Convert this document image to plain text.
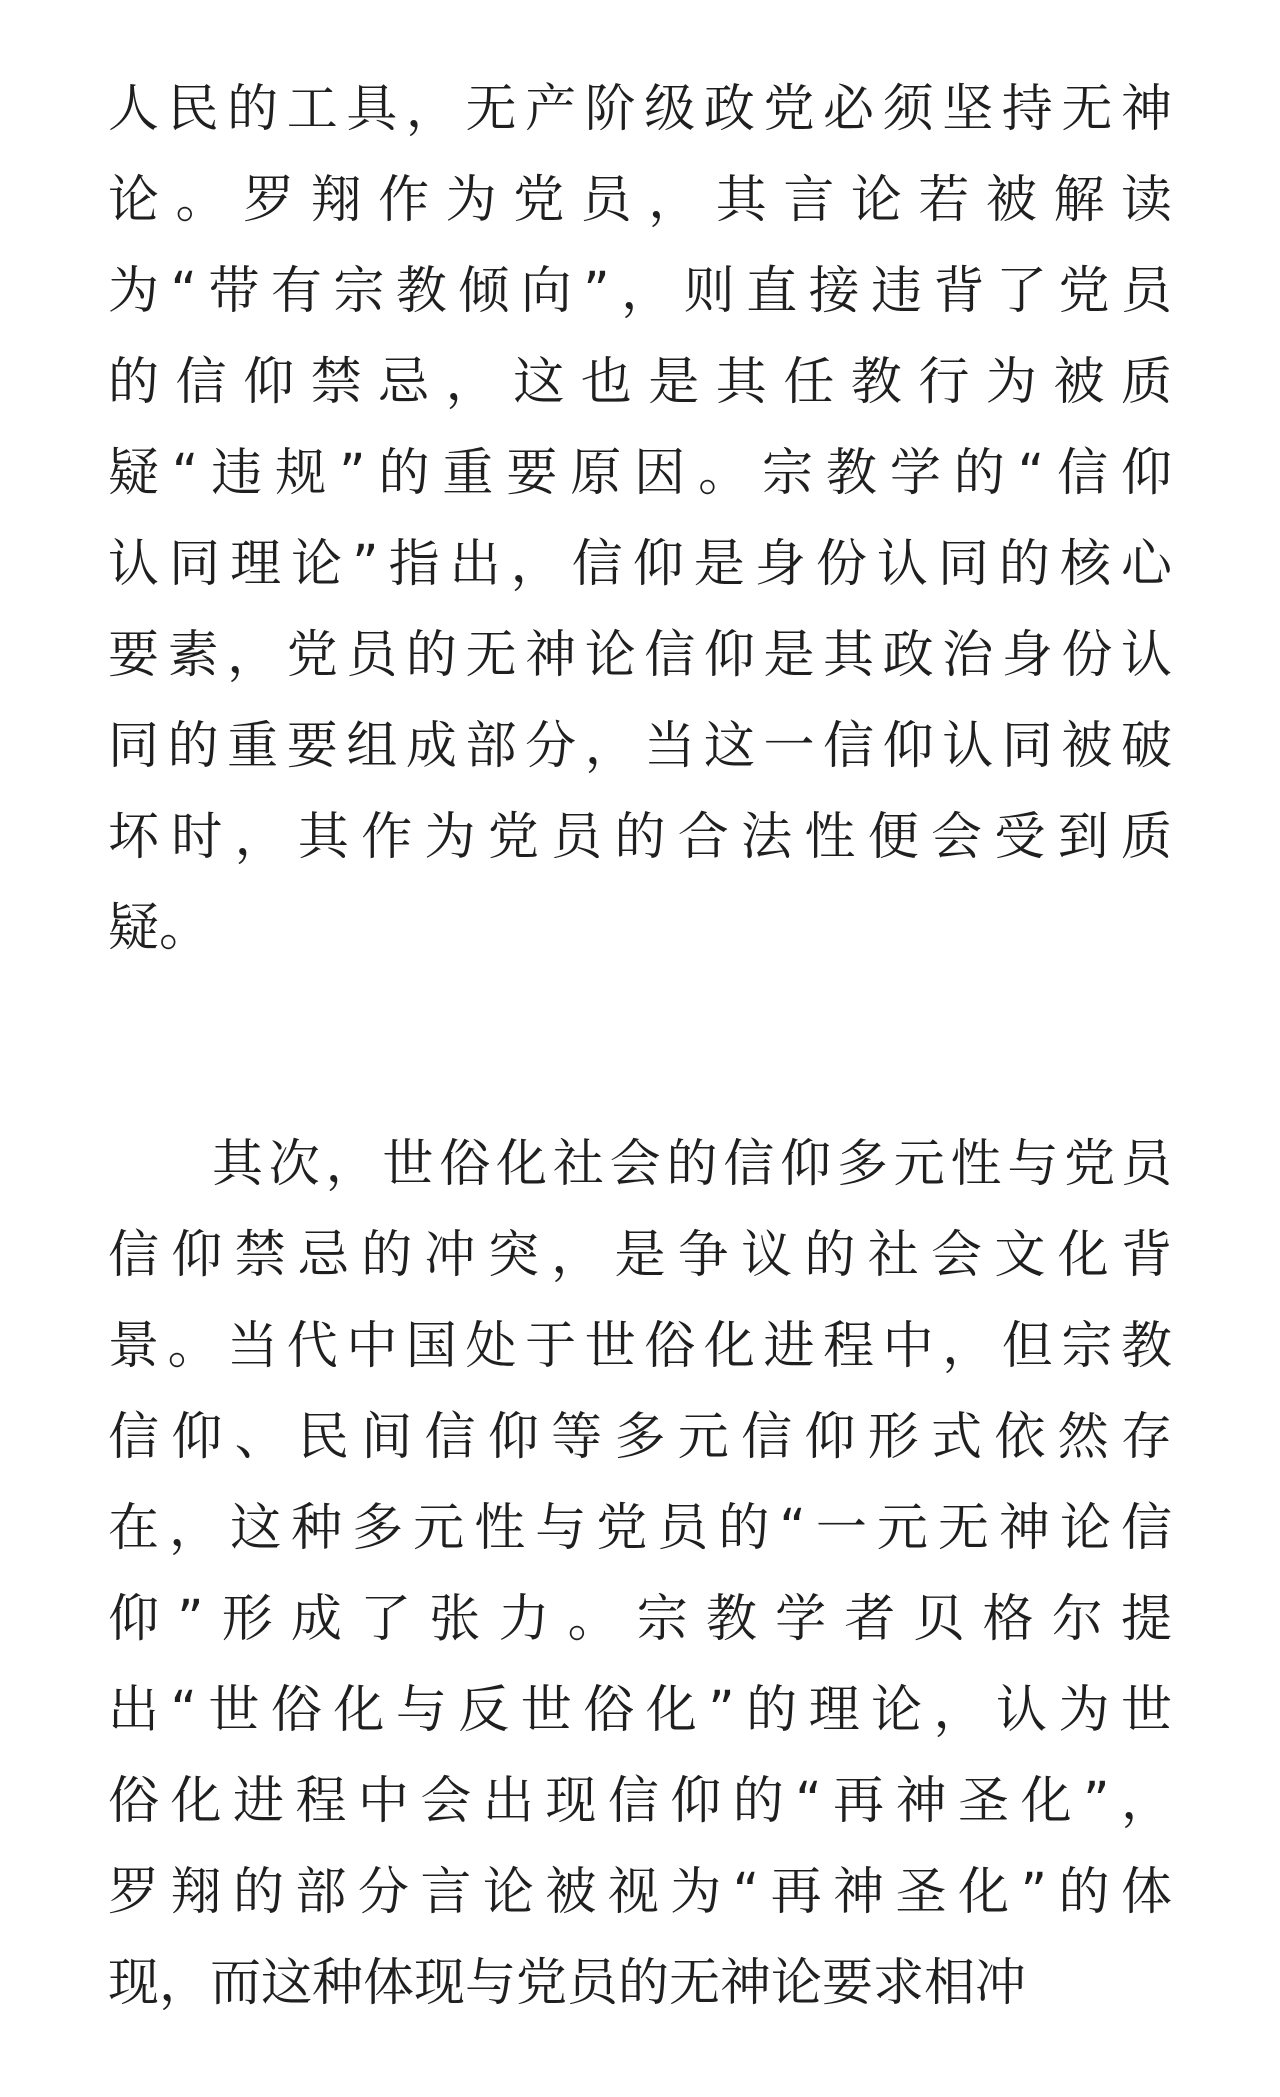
人民的工具，无产阶级政党必须坚持无神
论。罗翔作为党员，其言论若被解读
为“带有宗教倾向”，则直接违背了党员
的信仰禁忌，这也是其任教行为被质
疑“违规”的重要原因。宗教学的“信仰
认同理论”指出，信仰是身份认同的核心
要素，党员的无神论信仰是其政治身份认
同的重要组成部分，当这一信仰认同被破
坏时，其作为党员的合法性便会受到质
疑。
其次，世俗化社会的信仰多元性与党员
信仰禁忌的冲突，是争议的社会文化背
景。当代中国处于世俗化进程中，但宗教
信仰、民间信仰等多元信仰形式依然存
在，这种多元性与党员的“一元无神论信
仰”形成了张力。宗教学者贝格尔提
出“世俗化与反世俗化”的理论，认为世
俗化进程中会出现信仰的“再神圣化”，
罗翔的部分言论被视为“再神圣化”的体
现，而这种体现与党员的无神论要求相冲
